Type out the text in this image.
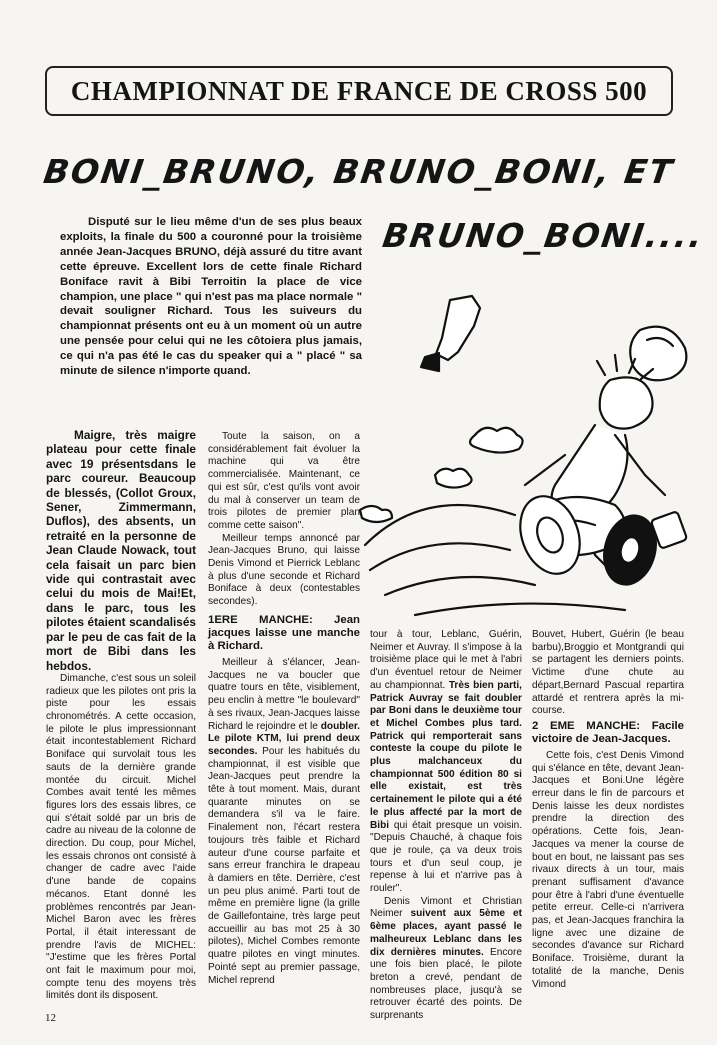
CHAMPIONNAT DE FRANCE DE CROSS 500
BONI_BRUNO, BRUNO_BONI, ET
BRUNO_BONI....

Disputé sur le lieu même d'un de ses plus beaux exploits, la finale du 500 a couronné pour la troisième année Jean-Jacques BRUNO, déjà assuré du titre avant cette épreuve. Excellent lors de cette finale Richard Boniface ravit à Bibi Terroitin la place de vice champion, une place " qui n'est pas ma place normale " devait souligner Richard. Tous les suiveurs du championnat présents ont eu à un moment où un autre une pensée pour celui qui ne les côtoiera plus jamais, ce qui n'a pas été le cas du speaker qui a " placé " sa minute de silence n'importe quand.

Maigre, très maigre plateau pour cette finale avec 19 présentsdans le parc coureur. Beaucoup de blessés, (Collot Groux, Sener, Zimmermann, Duflos), des absents, un retraité en la personne de Jean Claude Nowack, tout cela faisait un parc bien vide qui contrastait avec celui du mois de Mai!Et, dans le parc, tous les pilotes étaient scandalisés par le peu de cas fait de la mort de Bibi dans les hebdos.

Dimanche, c'est sous un soleil radieux que les pilotes ont pris la piste pour les essais chronométrés. A cette occasion, le pilote le plus impressionnant était incontestablement Richard Boniface qui survolait tous les sauts de la dernière grande montée du circuit. Michel Combes avait tenté les mêmes figures lors des essais libres, ce qui s'était soldé par un bris de cadre au niveau de la colonne de direction. Du coup, pour Michel, les essais chronos ont consisté à changer de cadre avec l'aide d'une bande de copains mécanos. Etant donné les problèmes rencontrés par Jean-Michel Baron avec les frères Portal, il était interessant de prendre l'avis de MICHEL: "J'estime que les frères Portal ont fait le maximum pour moi, compte tenu des moyens très limités dont ils disposent.

Toute la saison, on a considérablement fait évoluer la machine qui va être commercialisée. Maintenant, ce qui est sûr, c'est qu'ils vont avoir du mal à conserver un team de trois pilotes de premier plan comme cette saison".

Meilleur temps annoncé par Jean-Jacques Bruno, qui laisse Denis Vimond et Pierrick Leblanc à plus d'une seconde et Richard Boniface à deux (contestables secondes).

1ERE MANCHE: Jean jacques laisse une manche à Richard.

Meilleur à s'élancer, Jean-Jacques ne va boucler que quatre tours en tête, visiblement, peu enclin à mettre "le boulevard" à ses rivaux, Jean-Jacques laisse Richard le rejoindre et le doubler. Le pilote KTM, lui prend deux secondes. Pour les habitués du championnat, il est visible que Jean-Jacques peut prendre la tête à tout moment. Mais, durant quarante minutes on se demandera s'il va le faire. Finalement non, l'écart restera toujours très faible et Richard auteur d'une course parfaite et sans erreur franchira le drapeau à damiers en tête. Derrière, c'est un peu plus animé. Parti tout de même en première ligne (la grille de Gaillefontaine, très large peut accueillir au bas mot 25 à 30 pilotes), Michel Combes remonte quatre pilotes en vingt minutes. Pointé sept au premier passage, Michel reprend

tour à tour, Leblanc, Guérin, Neimer et Auvray. Il s'impose à la troisième place qui le met à l'abri d'un éventuel retour de Neimer au championnat. Très bien parti, Patrick Auvray se fait doubler par Boni dans le deuxième tour et Michel Combes plus tard. Patrick qui remporterait sans conteste la coupe du pilote le plus malchanceux du championnat 500 édition 80 si elle existait, est très certainement le pilote qui a été le plus affecté par la mort de Bibi qui était presque un voisin. "Depuis Chauché, à chaque fois que je roule, ça va deux trois tours et d'un seul coup, je repense à lui et n'arrive pas à rouler".

Denis Vimont et Christian Neimer suivent aux 5ème et 6ème places, ayant passé le malheureux Leblanc dans les dix dernières minutes. Encore une fois bien placé, le pilote breton a crevé, pendant de nombreuses place, jusqu'à se retrouver écarté des points. De surprenants

Bouvet, Hubert, Guérin (le beau barbu),Broggio et Montgrandi qui se partagent les derniers points. Victime d'une chute au départ,Bernard Pascual repartira attardé et rentrera après la mi-course.

2 EME MANCHE: Facile victoire de Jean-Jacques.

Cette fois, c'est Denis Vimond qui s'élance en tête, devant Jean-Jacques et Boni.Une légère erreur dans le fin de parcours et Denis laisse les deux nordistes prendre la direction des opérations. Cette fois, Jean-Jacques va mener la course de bout en bout, ne laissant pas ses rivaux directs à un tour, mais prenant suffisament d'avance pour être à l'abri d'une éventuelle petite erreur. Celle-ci n'arrivera pas, et Jean-Jacques franchira la ligne avec une dizaine de secondes d'avance sur Richard Boniface. Troisième, durant la totalité de la manche, Denis Vimond

12
